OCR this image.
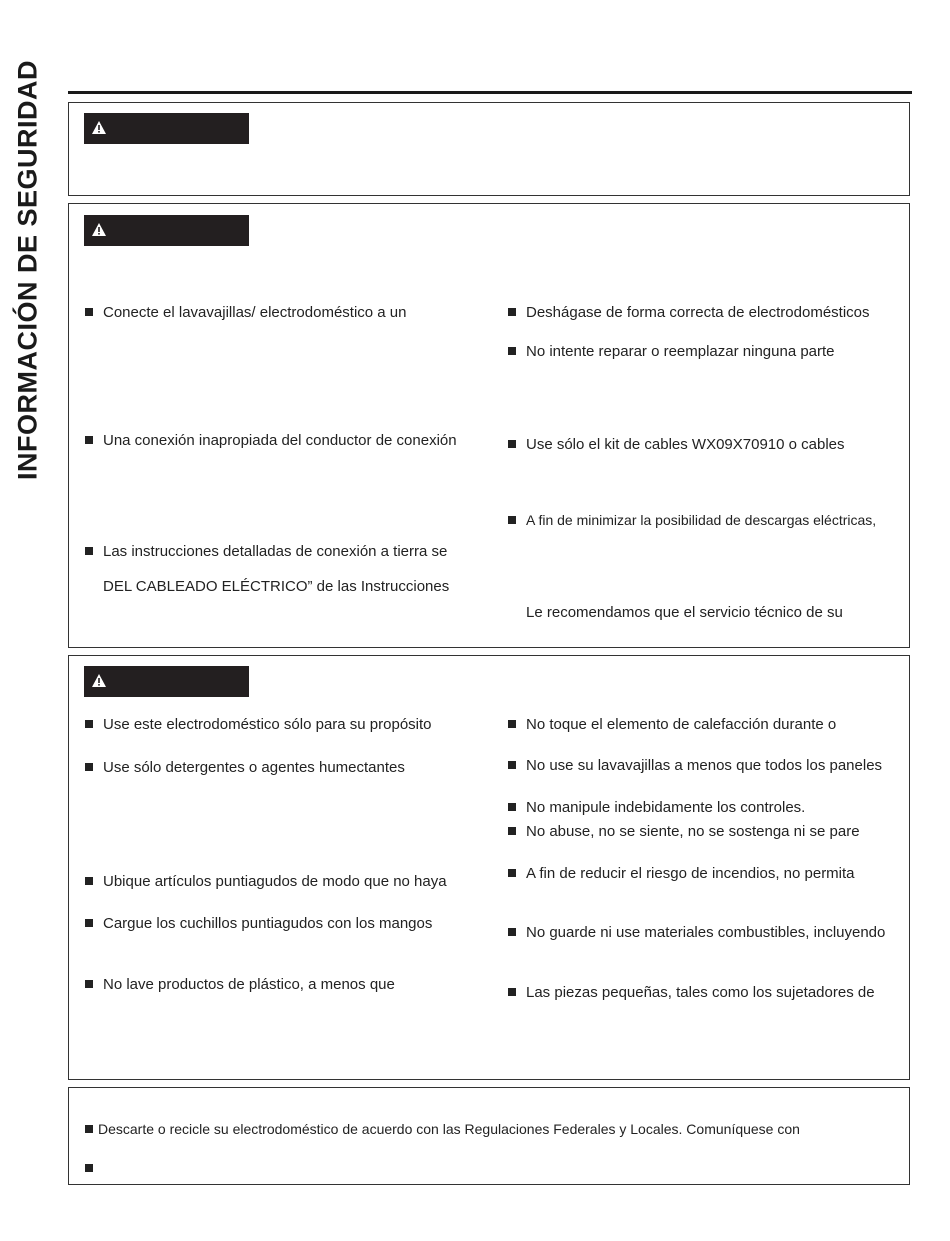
INFORMACIÓN DE SEGURIDAD	Conecte el lavavajillas/ electrodoméstico a un
Una conexión inapropiada del conductor de conexión
Las instrucciones detalladas de conexión a tierra se
DEL CABLEADO ELÉCTRICO” de las Instrucciones
Deshágase de forma correcta de electrodomésticos
No intente reparar o reemplazar ninguna parte
Use sólo el kit de cables WX09X70910 o cables
A fin de minimizar la posibilidad de descargas eléctricas,
Le recomendamos que el servicio técnico de su
Use este electrodoméstico sólo para su propósito
Use sólo detergentes o agentes humectantes
Ubique artículos puntiagudos de modo que no haya
Cargue los cuchillos puntiagudos con los mangos
No lave productos de plástico, a menos que
No toque el elemento de calefacción durante o
No use su lavavajillas a menos que todos los paneles
No manipule indebidamente los controles.
No abuse, no se siente, no se sostenga ni se pare
A fin de reducir el riesgo de incendios, no permita
No guarde ni use materiales combustibles, incluyendo
Las piezas pequeñas, tales como los sujetadores de
Descarte o recicle su electrodoméstico de acuerdo con las Regulaciones Federales y Locales. Comuníquese con
